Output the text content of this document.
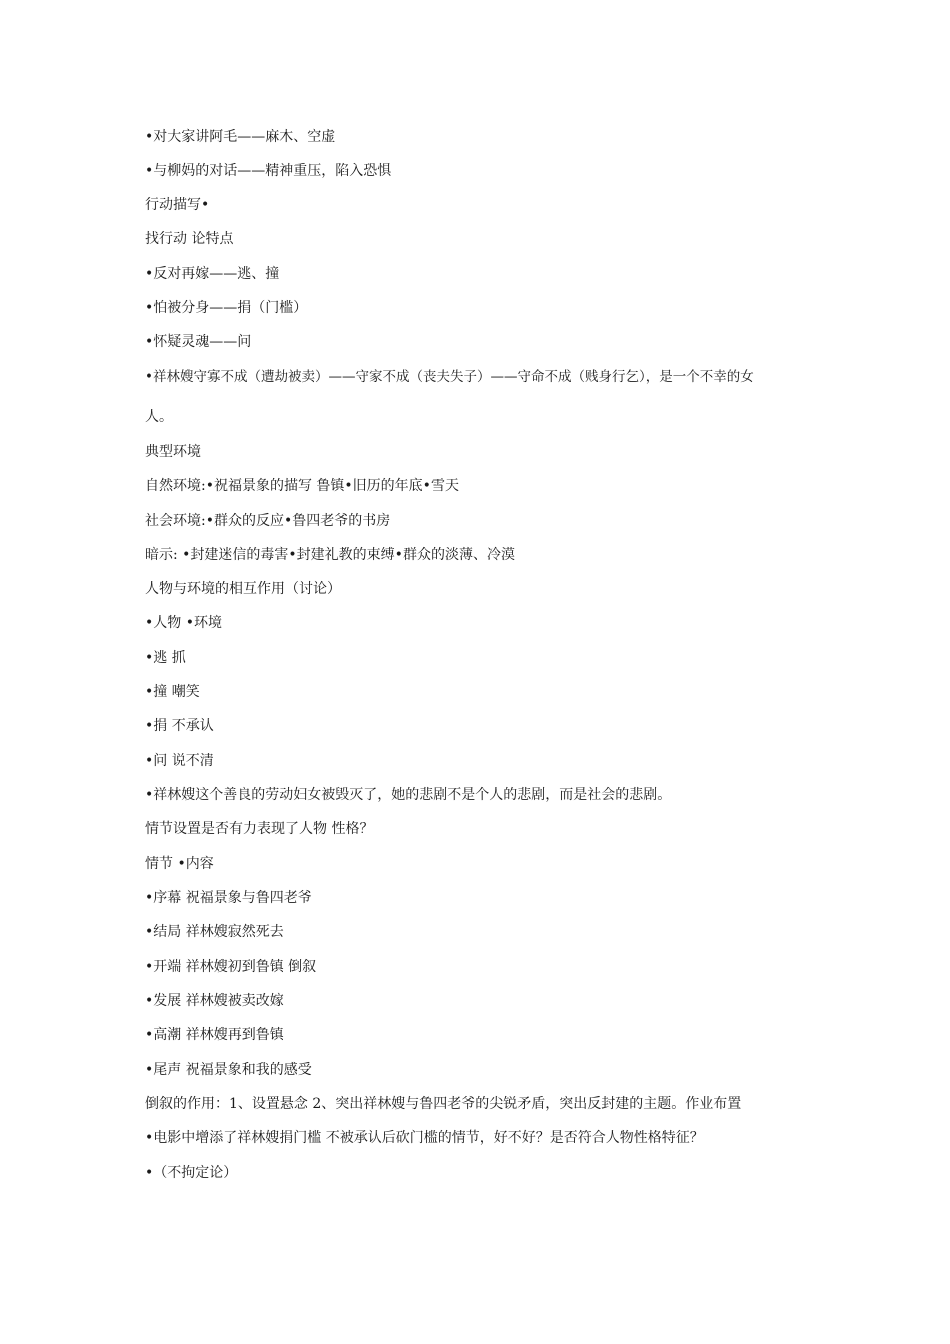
•对大家讲阿毛——麻木、空虚
•与柳妈的对话——精神重压，陷入恐惧
行动描写•
找行动 论特点
•反对再嫁——逃、撞
•怕被分身——捐（门槛）
•怀疑灵魂——问
•祥林嫂守寡不成（遭劫被卖）——守家不成（丧夫失子）——守命不成（贱身行乞），是一个不幸的女
人。
典型环境
自然环境:•祝福景象的描写 鲁镇•旧历的年底•雪天
社会环境:•群众的反应•鲁四老爷的书房
暗示: •封建迷信的毒害•封建礼教的束缚•群众的淡薄、冷漠
人物与环境的相互作用（讨论）
•人物 •环境
•逃 抓
•撞 嘲笑
•捐 不承认
•问 说不清
•祥林嫂这个善良的劳动妇女被毁灭了，她的悲剧不是个人的悲剧，而是社会的悲剧。
情节设置是否有力表现了人物 性格？
情节 •内容
•序幕 祝福景象与鲁四老爷
•结局 祥林嫂寂然死去
•开端 祥林嫂初到鲁镇 倒叙
•发展 祥林嫂被卖改嫁
•高潮 祥林嫂再到鲁镇
•尾声 祝福景象和我的感受
倒叙的作用：1、设置悬念 2、突出祥林嫂与鲁四老爷的尖锐矛盾，突出反封建的主题。作业布置
•电影中增添了祥林嫂捐门槛 不被承认后砍门槛的情节，好不好？是否符合人物性格特征？
•（不拘定论）
